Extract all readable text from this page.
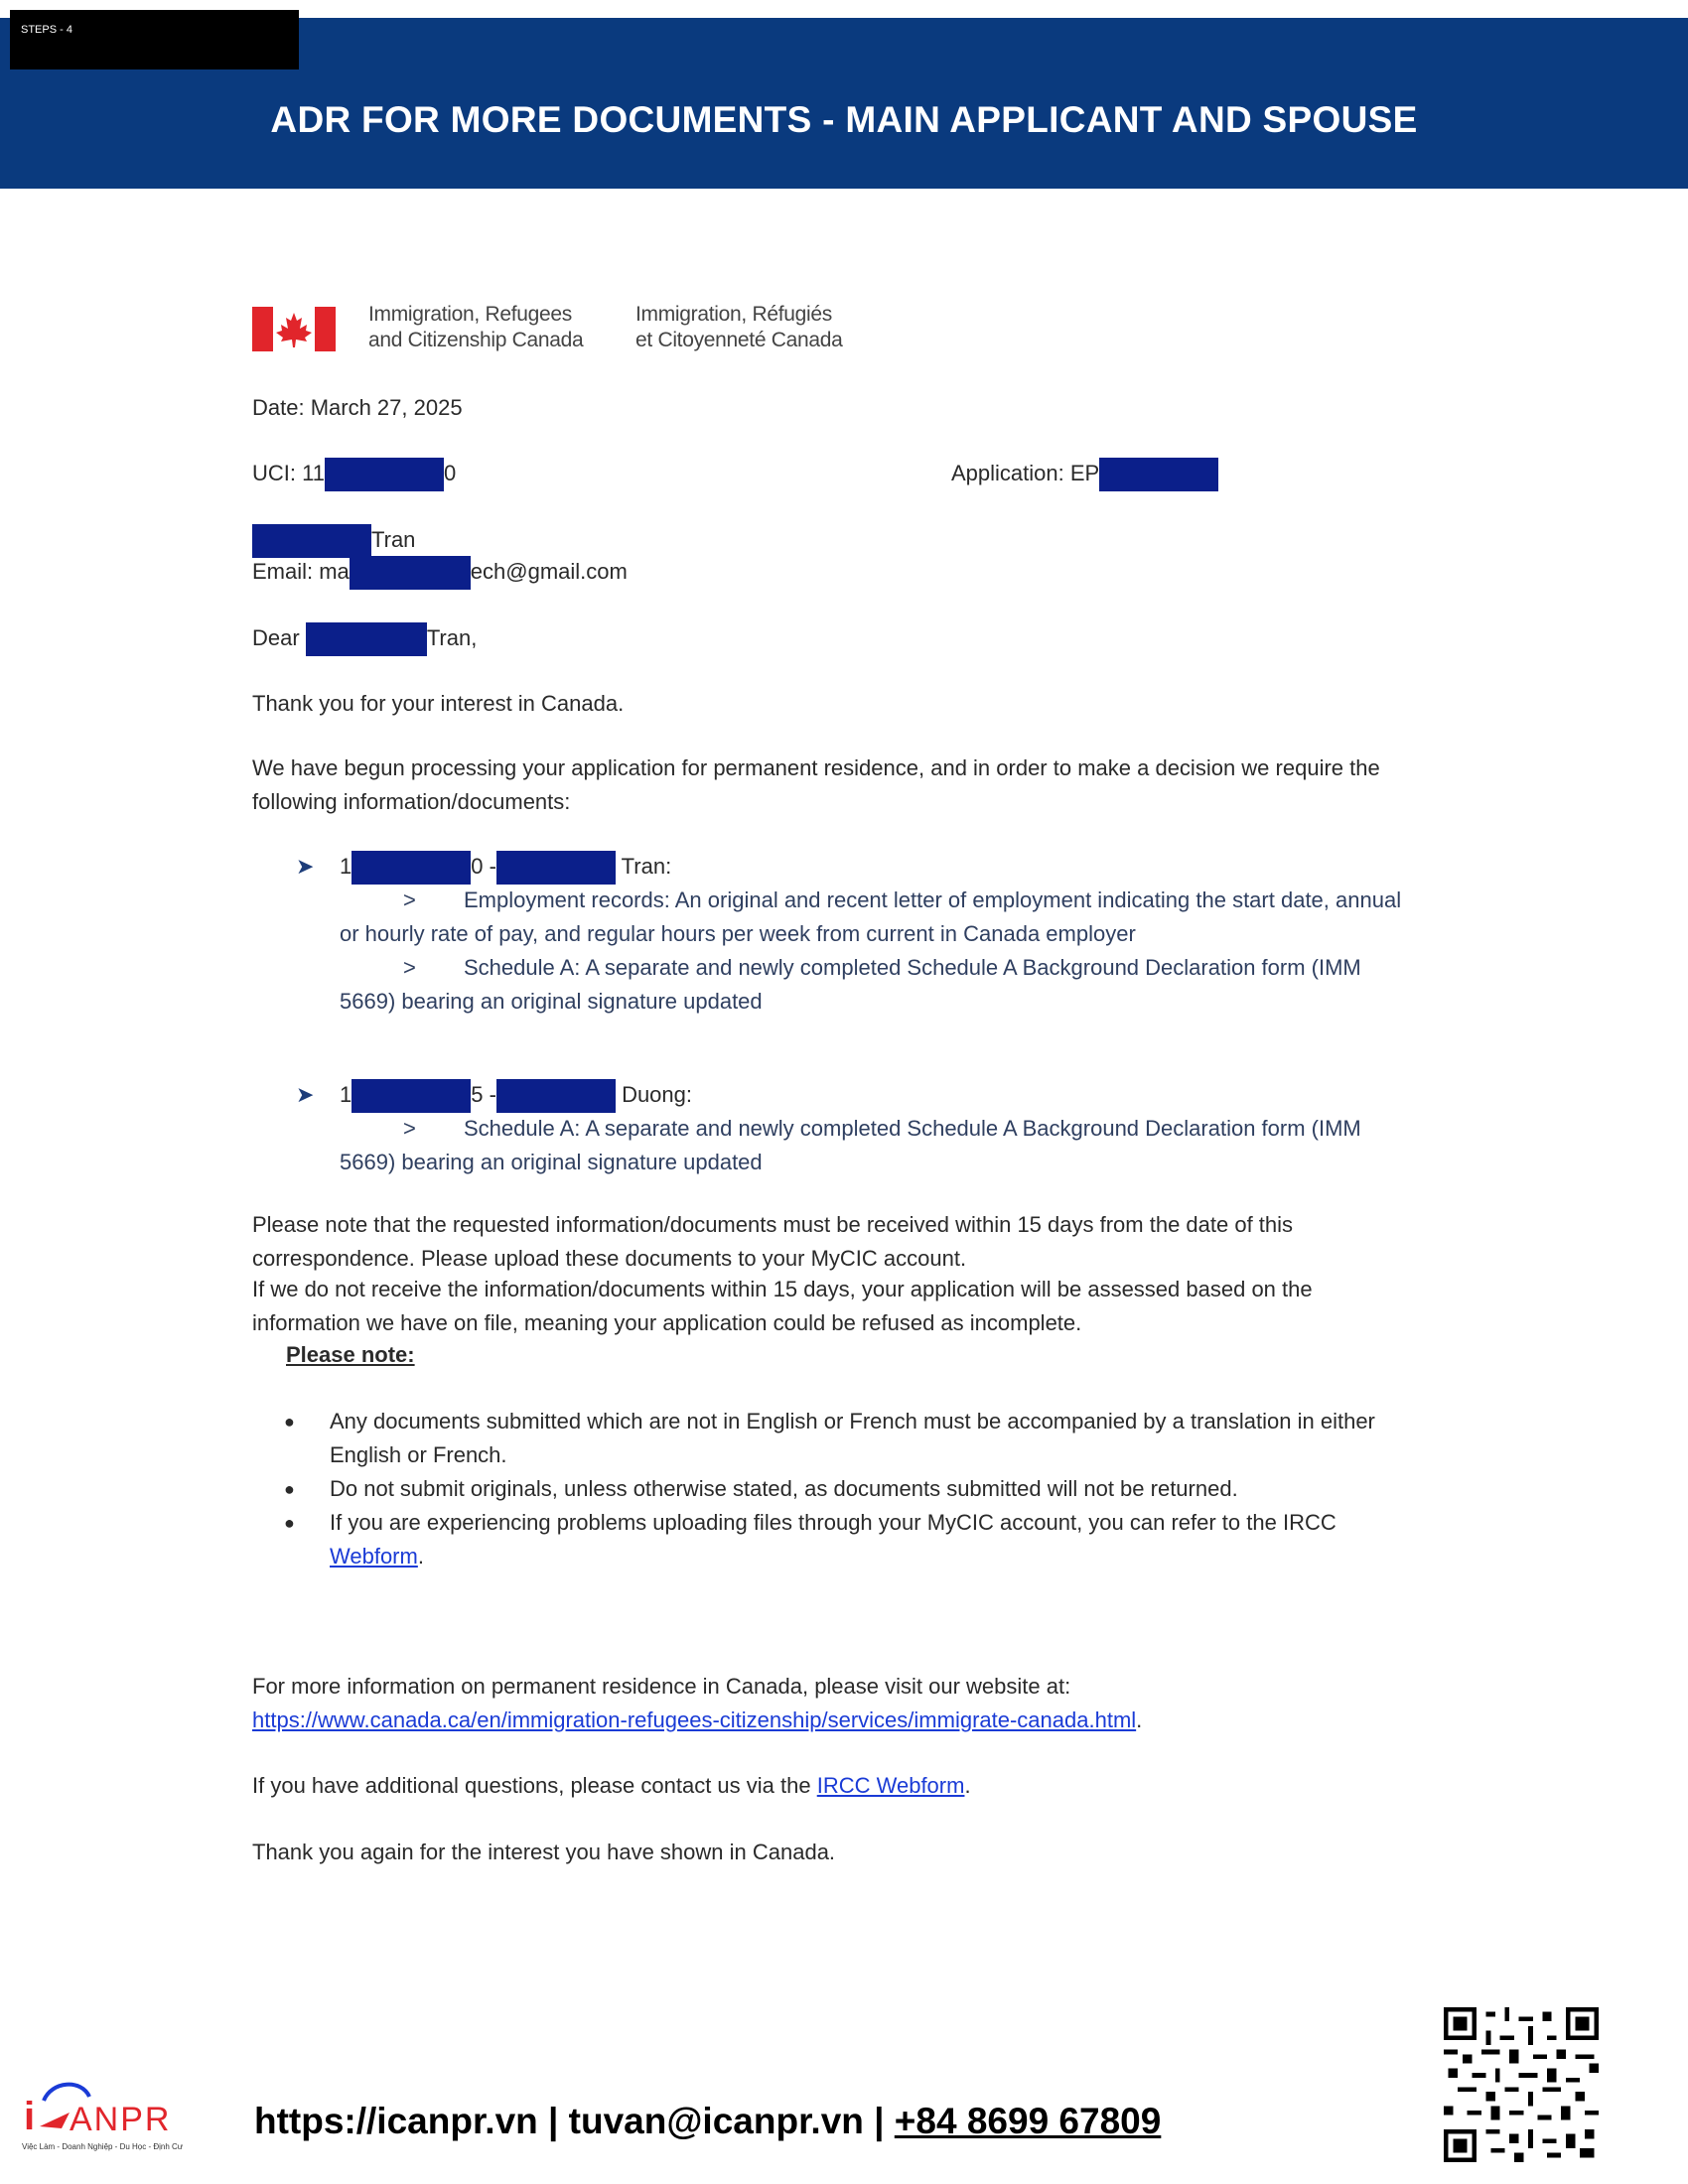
ADR FOR MORE DOCUMENTS - MAIN APPLICANT AND SPOUSE
STEPS - 4
Immigration, Refugees
and Citizenship Canada
Immigration, Réfugiés
et Citoyenneté Canada
Date: March 27, 2025
UCI: 11	0	Application: EP
Tran
Email: ma	ech@gmail.com
Dear	Tran,

Thank you for your interest in Canada.

We have begun processing your application for permanent residence, and in order to make a decision we require the following information/documents:

➤ 1	0 -	Tran:

> Employment records: An original and recent letter of employment indicating the start date, annual or hourly rate of pay, and regular hours per week from current in Canada employer

> Schedule A: A separate and newly completed Schedule A Background Declaration form (IMM 5669) bearing an original signature updated

➤ 1	5 -	Duong:

> Schedule A: A separate and newly completed Schedule A Background Declaration form (IMM 5669) bearing an original signature updated

Please note that the requested information/documents must be received within 15 days from the date of this correspondence. Please upload these documents to your MyCIC account.

If we do not receive the information/documents within 15 days, your application will be assessed based on the information we have on file, meaning your application could be refused as incomplete.

Please note:
● Any documents submitted which are not in English or French must be accompanied by a translation in either English or French.
● Do not submit originals, unless otherwise stated, as documents submitted will not be returned.
● If you are experiencing problems uploading files through your MyCIC account, you can refer to the IRCC Webform.

For more information on permanent residence in Canada, please visit our website at:
https://www.canada.ca/en/immigration-refugees-citizenship/services/immigrate-canada.html.

If you have additional questions, please contact us via the IRCC Webform.

Thank you again for the interest you have shown in Canada.

i ANPR
Việc Làm - Doanh Nghiệp - Du Học - Định Cư
https://icanpr.vn | tuvan@icanpr.vn | +84 8699 67809
